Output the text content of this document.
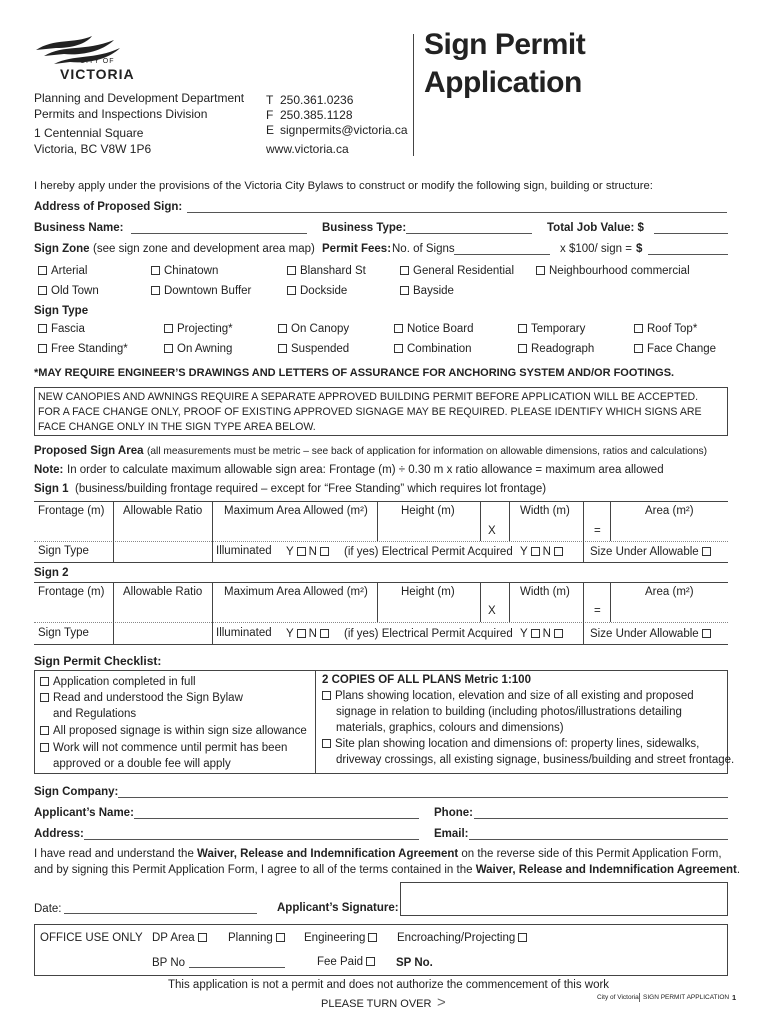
CITY OF
VICTORIA
Planning and Development Department
Permits and Inspections Division
1 Centennial Square
Victoria, BC V8W 1P6
T 250.361.0236
F 250.385.1128
E signpermits@victoria.ca
www.victoria.ca
Sign Permit
Application
I hereby apply under the provisions of the Victoria City Bylaws to construct or modify the following sign, building or structure:
Address of Proposed Sign:
Business Name:	Business Type:	Total Job Value: $
Sign Zone (see sign zone and development area map) Permit Fees: No. of Signs	x $100/ sign = $
Arterial	Chinatown	Blanshard St	General Residential	Neighbourhood commercial
Old Town	Downtown Buffer	Dockside	Bayside
Sign Type
Fascia	Projecting*	On Canopy	Notice Board	Temporary	Roof Top*
Free Standing*	On Awning	Suspended	Combination	Readograph	Face Change
*MAY REQUIRE ENGINEER’S DRAWINGS AND LETTERS OF ASSURANCE FOR ANCHORING SYSTEM AND/OR FOOTINGS.
NEW CANOPIES AND AWNINGS REQUIRE A SEPARATE APPROVED BUILDING PERMIT BEFORE APPLICATION WILL BE ACCEPTED.
FOR A FACE CHANGE ONLY, PROOF OF EXISTING APPROVED SIGNAGE MAY BE REQUIRED. PLEASE IDENTIFY WHICH SIGNS ARE
FACE CHANGE ONLY IN THE SIGN TYPE AREA BELOW.
Proposed Sign Area (all measurements must be metric – see back of application for information on allowable dimensions, ratios and calculations)
Note: In order to calculate maximum allowable sign area: Frontage (m) ÷ 0.30 m x ratio allowance = maximum area allowed
Sign 1 (business/building frontage required – except for “Free Standing” which requires lot frontage)
Frontage (m) Allowable Ratio Maximum Area Allowed (m²)	Height (m)	Width (m)	Area (m²)
X	=
Sign Type	Illuminated Y N	(if yes) Electrical Permit Acquired Y N	Size Under Allowable
Sign 2
Frontage (m) Allowable Ratio Maximum Area Allowed (m²)	Height (m)	Width (m)	Area (m²)
X	=
Sign Type	Illuminated Y N	(if yes) Electrical Permit Acquired Y N	Size Under Allowable
Sign Permit Checklist:
Application completed in full
Read and understood the Sign Bylaw
and Regulations
All proposed signage is within sign size allowance
Work will not commence until permit has been
approved or a double fee will apply
2 COPIES OF ALL PLANS Metric 1:100
Plans showing location, elevation and size of all existing and proposed
signage in relation to building (including photos/illustrations detailing
materials, graphics, colours and dimensions)
Site plan showing location and dimensions of: property lines, sidewalks,
driveway crossings, all existing signage, business/building and street frontage.
Sign Company:
Applicant’s Name:	Phone:
Address:	Email:
I have read and understand the Waiver, Release and Indemnification Agreement on the reverse side of this Permit Application Form,
and by signing this Permit Application Form, I agree to all of the terms contained in the Waiver, Release and Indemnification Agreement.
Date:	Applicant’s Signature:
OFFICE USE ONLY DP Area	Planning	Engineering	Encroaching/Projecting
BP No	Fee Paid	SP No.
This application is not a permit and does not authorize the commencement of this work
PLEASE TURN OVER >	City of Victoria SIGN PERMIT APPLICATION 1
